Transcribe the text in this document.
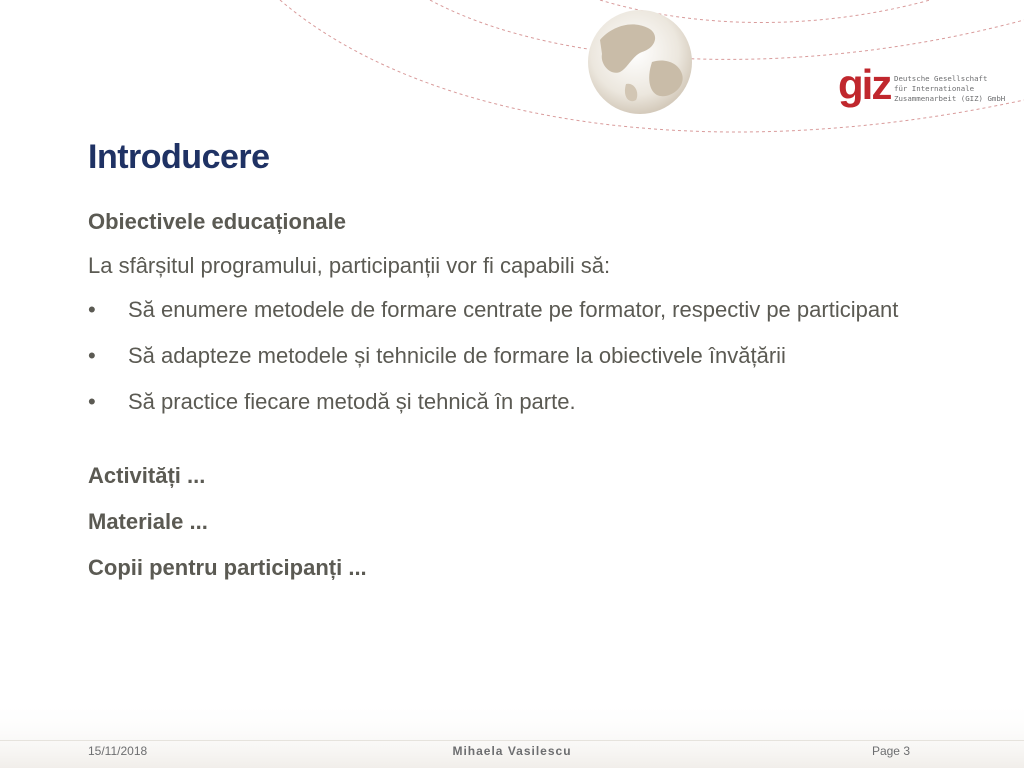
giz Deutsche Gesellschaft
für Internationale
Zusammenarbeit (GIZ) GmbH
Introducere

Obiectivele educaționale

La sfârșitul programului, participanții vor fi capabili să:

• Să enumere metodele de formare centrate pe formator, respectiv pe participant
• Să adapteze metodele și tehnicile de formare la obiectivele învățării
• Să practice fiecare metodă și tehnică în parte.

Activități ...

Materiale ...

Copii pentru participanți ...

15/11/2018	Mihaela Vasilescu	Page 3
